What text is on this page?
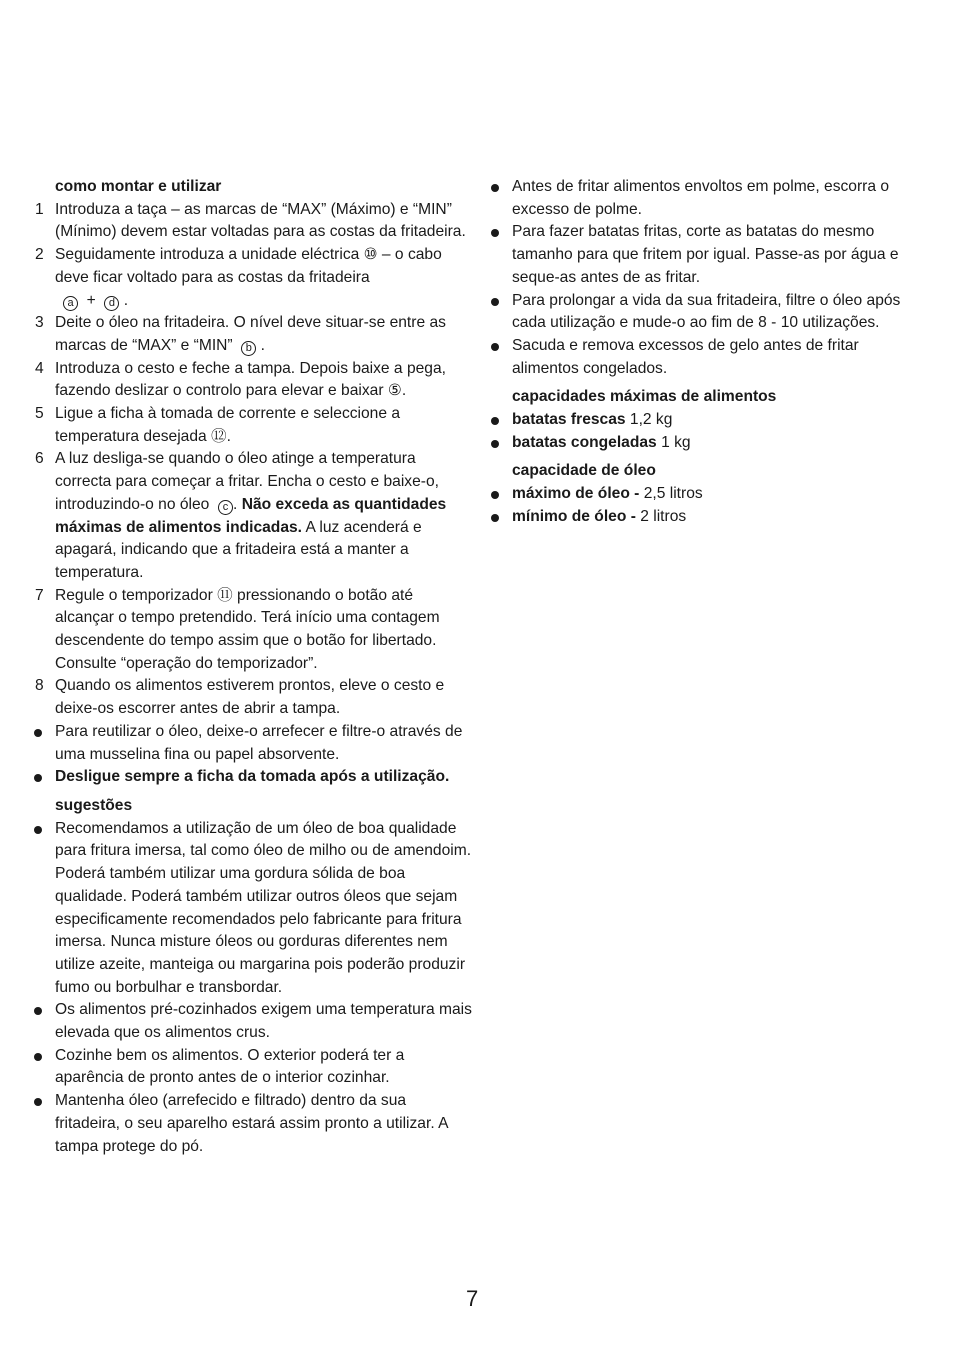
como montar e utilizar

1 Introduza a taça – as marcas de “MAX” (Máximo) e “MIN” (Mínimo) devem estar voltadas para as costas da fritadeira.

2 Seguidamente introduza a unidade eléctrica ⑩ – o cabo deve ficar voltado para as costas da fritadeira

a + d .

3 Deite o óleo na fritadeira. O nível deve situar-se entre as marcas de “MAX” e “MIN” b .

4 Introduza o cesto e feche a tampa. Depois baixe a pega, fazendo deslizar o controlo para elevar e baixar ⑤.

5 Ligue a ficha à tomada de corrente e seleccione a temperatura desejada ⑫.

6 A luz desliga-se quando o óleo atinge a temperatura correcta para começar a fritar. Encha o cesto e baixe-o, introduzindo-o no óleo c . Não exceda as quantidades máximas de alimentos indicadas. A luz acenderá e apagará, indicando que a fritadeira está a manter a temperatura.

7 Regule o temporizador ⑪ pressionando o botão até alcançar o tempo pretendido. Terá início uma contagem descendente do tempo assim que o botão for libertado. Consulte “operação do temporizador”.

8 Quando os alimentos estiverem prontos, eleve o cesto e deixe-os escorrer antes de abrir a tampa.

Para reutilizar o óleo, deixe-o arrefecer e filtre-o através de uma musselina fina ou papel absorvente.

Desligue sempre a ficha da tomada após a utilização.

sugestões

Recomendamos a utilização de um óleo de boa qualidade para fritura imersa, tal como óleo de milho ou de amendoim. Poderá também utilizar uma gordura sólida de boa qualidade. Poderá também utilizar outros óleos que sejam especificamente recomendados pelo fabricante para fritura imersa. Nunca misture óleos ou gorduras diferentes nem utilize azeite, manteiga ou margarina pois poderão produzir fumo ou borbulhar e transbordar.

Os alimentos pré-cozinhados exigem uma temperatura mais elevada que os alimentos crus.

Cozinhe bem os alimentos. O exterior poderá ter a aparência de pronto antes de o interior cozinhar.

Mantenha óleo (arrefecido e filtrado) dentro da sua fritadeira, o seu aparelho estará assim pronto a utilizar. A tampa protege do pó.

Antes de fritar alimentos envoltos em polme, escorra o excesso de polme.

Para fazer batatas fritas, corte as batatas do mesmo tamanho para que fritem por igual. Passe-as por água e seque-as antes de as fritar.

Para prolongar a vida da sua fritadeira, filtre o óleo após cada utilização e mude-o ao fim de 8 - 10 utilizações.

Sacuda e remova excessos de gelo antes de fritar alimentos congelados.

capacidades máximas de alimentos

batatas frescas 1,2 kg

batatas congeladas 1 kg

capacidade de óleo

máximo de óleo - 2,5 litros

mínimo de óleo - 2 litros

7
